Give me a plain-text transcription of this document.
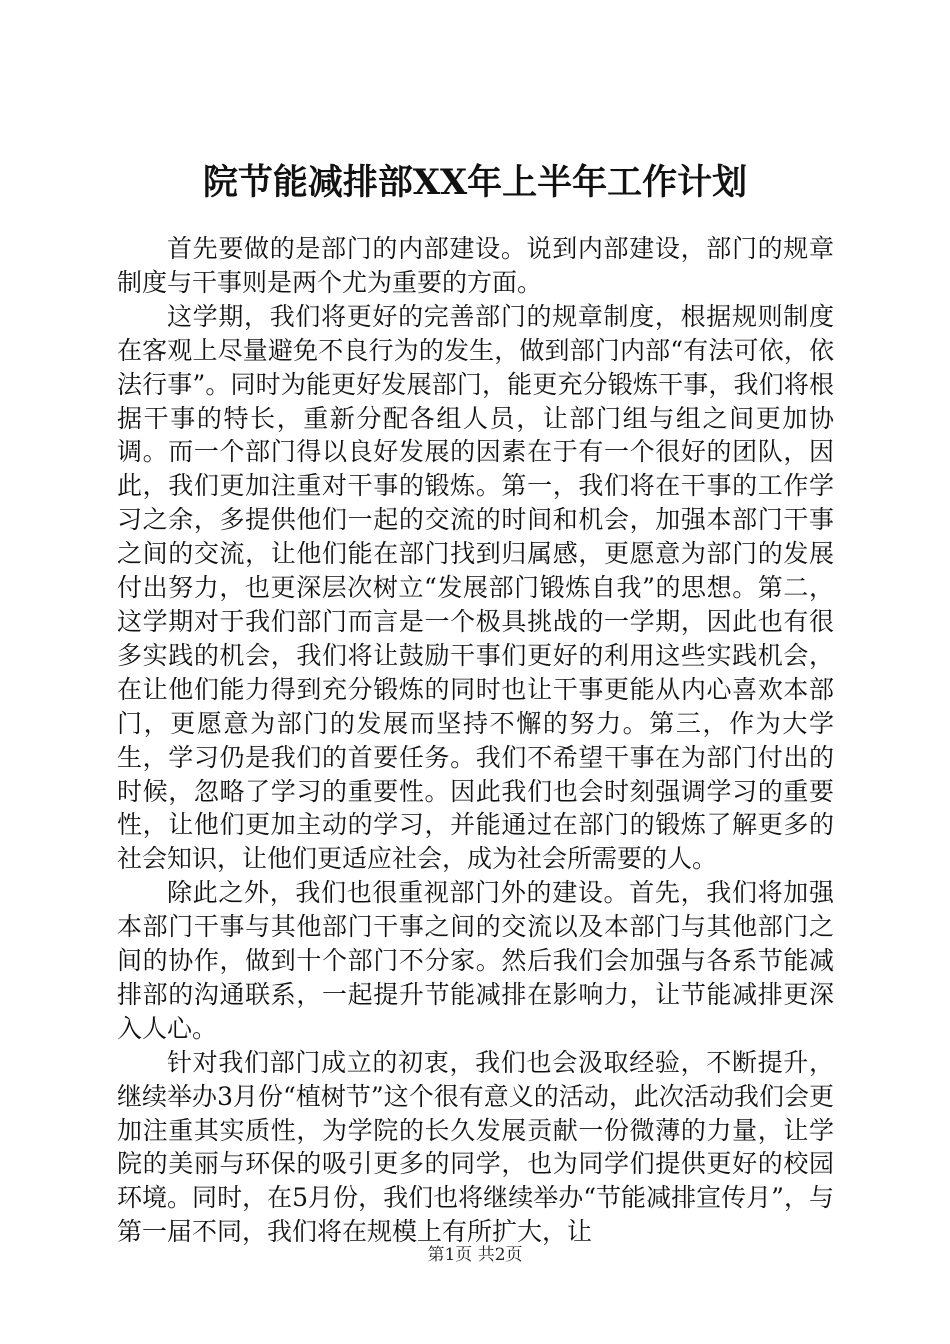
院节能减排部XX年上半年工作计划

首先要做的是部门的内部建设。说到内部建设，部门的规章制度与干事则是两个尤为重要的方面。

这学期，我们将更好的完善部门的规章制度，根据规则制度在客观上尽量避免不良行为的发生，做到部门内部“有法可依，依法行事”。同时为能更好发展部门，能更充分锻炼干事，我们将根据干事的特长，重新分配各组人员，让部门组与组之间更加协调。而一个部门得以良好发展的因素在于有一个很好的团队，因此，我们更加注重对干事的锻炼。第一，我们将在干事的工作学习之余，多提供他们一起的交流的时间和机会，加强本部门干事之间的交流，让他们能在部门找到归属感，更愿意为部门的发展付出努力，也更深层次树立“发展部门锻炼自我”的思想。第二，这学期对于我们部门而言是一个极具挑战的一学期，因此也有很多实践的机会，我们将让鼓励干事们更好的利用这些实践机会，在让他们能力得到充分锻炼的同时也让干事更能从内心喜欢本部门，更愿意为部门的发展而坚持不懈的努力。第三，作为大学生，学习仍是我们的首要任务。我们不希望干事在为部门付出的时候，忽略了学习的重要性。因此我们也会时刻强调学习的重要性，让他们更加主动的学习，并能通过在部门的锻炼了解更多的社会知识，让他们更适应社会，成为社会所需要的人。

除此之外，我们也很重视部门外的建设。首先，我们将加强本部门干事与其他部门干事之间的交流以及本部门与其他部门之间的协作，做到十个部门不分家。然后我们会加强与各系节能减排部的沟通联系，一起提升节能减排在影响力，让节能减排更深入人心。

针对我们部门成立的初衷，我们也会汲取经验，不断提升，继续举办3月份“植树节”这个很有意义的活动，此次活动我们会更加注重其实质性，为学院的长久发展贡献一份微薄的力量，让学院的美丽与环保的吸引更多的同学，也为同学们提供更好的校园环境。同时，在5月份，我们也将继续举办“节能减排宣传月”，与第一届不同，我们将在规模上有所扩大，让

第1页 共2页
